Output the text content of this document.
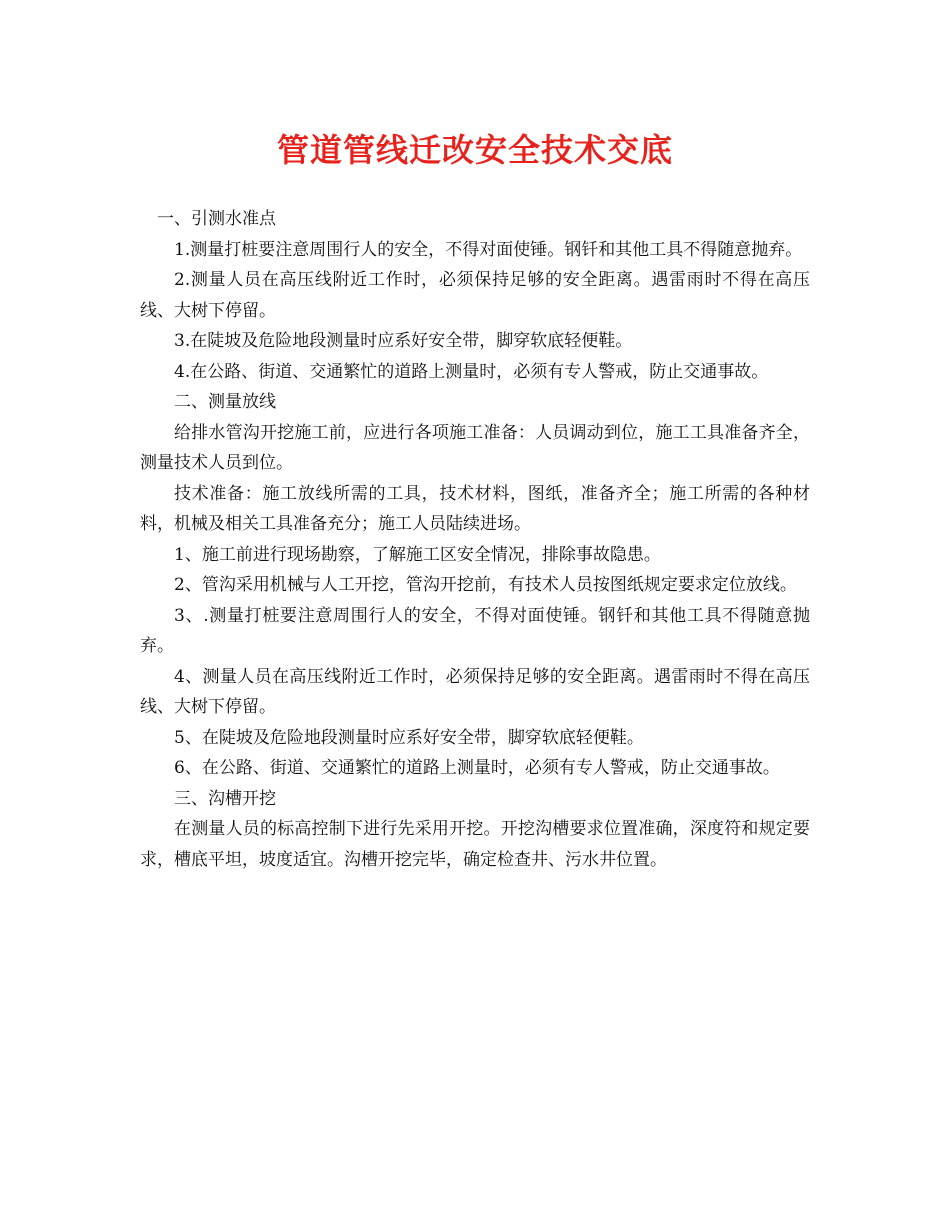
管道管线迁改安全技术交底

一、引测水准点

1.测量打桩要注意周围行人的安全，不得对面使锤。钢钎和其他工具不得随意抛弃。

2.测量人员在高压线附近工作时，必须保持足够的安全距离。遇雷雨时不得在高压线、大树下停留。

3.在陡坡及危险地段测量时应系好安全带，脚穿软底轻便鞋。

4.在公路、街道、交通繁忙的道路上测量时，必须有专人警戒，防止交通事故。

二、测量放线

给排水管沟开挖施工前，应进行各项施工准备：人员调动到位，施工工具准备齐全，测量技术人员到位。

技术准备：施工放线所需的工具，技术材料，图纸，准备齐全；施工所需的各种材料，机械及相关工具准备充分；施工人员陆续进场。

1、施工前进行现场勘察，了解施工区安全情况，排除事故隐患。

2、管沟采用机械与人工开挖，管沟开挖前，有技术人员按图纸规定要求定位放线。

3、.测量打桩要注意周围行人的安全，不得对面使锤。钢钎和其他工具不得随意抛弃。

4、测量人员在高压线附近工作时，必须保持足够的安全距离。遇雷雨时不得在高压线、大树下停留。

5、在陡坡及危险地段测量时应系好安全带，脚穿软底轻便鞋。

6、在公路、街道、交通繁忙的道路上测量时，必须有专人警戒，防止交通事故。

三、沟槽开挖

在测量人员的标高控制下进行先采用开挖。开挖沟槽要求位置准确，深度符和规定要求，槽底平坦，坡度适宜。沟槽开挖完毕，确定检查井、污水井位置。
